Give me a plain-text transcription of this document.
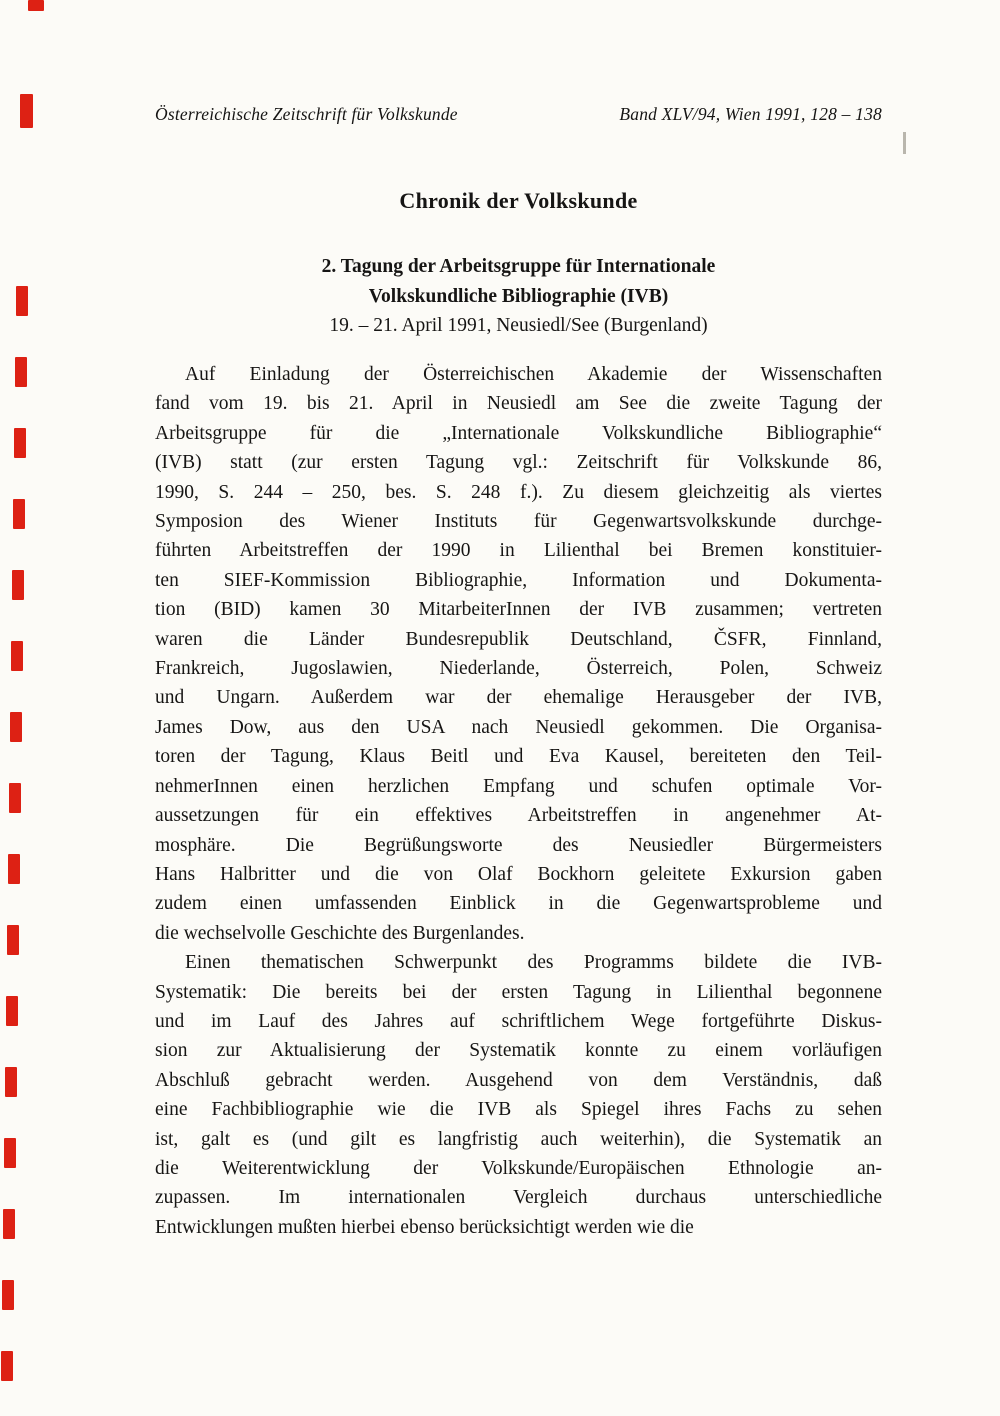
Österreichische Zeitschrift für Volkskunde	Band XLV/94, Wien 1991, 128 – 138
Chronik der Volkskunde
2. Tagung der Arbeitsgruppe für Internationale
Volkskundliche Bibliographie (IVB)
19. – 21. April 1991, Neusiedl/See (Burgenland)
Auf Einladung der Österreichischen Akademie der Wissenschaften
fand vom 19. bis 21. April in Neusiedl am See die zweite Tagung der
Arbeitsgruppe für die „Internationale Volkskundliche Bibliographie“
(IVB) statt (zur ersten Tagung vgl.: Zeitschrift für Volkskunde 86,
1990, S. 244 – 250, bes. S. 248 f.). Zu diesem gleichzeitig als viertes
Symposion des Wiener Instituts für Gegenwartsvolkskunde durchge-
führten Arbeitstreffen der 1990 in Lilienthal bei Bremen konstituier-
ten SIEF-Kommission Bibliographie, Information und Dokumenta-
tion (BID) kamen 30 MitarbeiterInnen der IVB zusammen; vertreten
waren die Länder Bundesrepublik Deutschland, ČSFR, Finnland,
Frankreich, Jugoslawien, Niederlande, Österreich, Polen, Schweiz
und Ungarn. Außerdem war der ehemalige Herausgeber der IVB,
James Dow, aus den USA nach Neusiedl gekommen. Die Organisa-
toren der Tagung, Klaus Beitl und Eva Kausel, bereiteten den Teil-
nehmerInnen einen herzlichen Empfang und schufen optimale Vor-
aussetzungen für ein effektives Arbeitstreffen in angenehmer At-
mosphäre. Die Begrüßungsworte des Neusiedler Bürgermeisters
Hans Halbritter und die von Olaf Bockhorn geleitete Exkursion gaben
zudem einen umfassenden Einblick in die Gegenwartsprobleme und
die wechselvolle Geschichte des Burgenlandes.
Einen thematischen Schwerpunkt des Programms bildete die IVB-
Systematik: Die bereits bei der ersten Tagung in Lilienthal begonnene
und im Lauf des Jahres auf schriftlichem Wege fortgeführte Diskus-
sion zur Aktualisierung der Systematik konnte zu einem vorläufigen
Abschluß gebracht werden. Ausgehend von dem Verständnis, daß
eine Fachbibliographie wie die IVB als Spiegel ihres Fachs zu sehen
ist, galt es (und gilt es langfristig auch weiterhin), die Systematik an
die Weiterentwicklung der Volkskunde/Europäischen Ethnologie an-
zupassen. Im internationalen Vergleich durchaus unterschiedliche
Entwicklungen mußten hierbei ebenso berücksichtigt werden wie die
